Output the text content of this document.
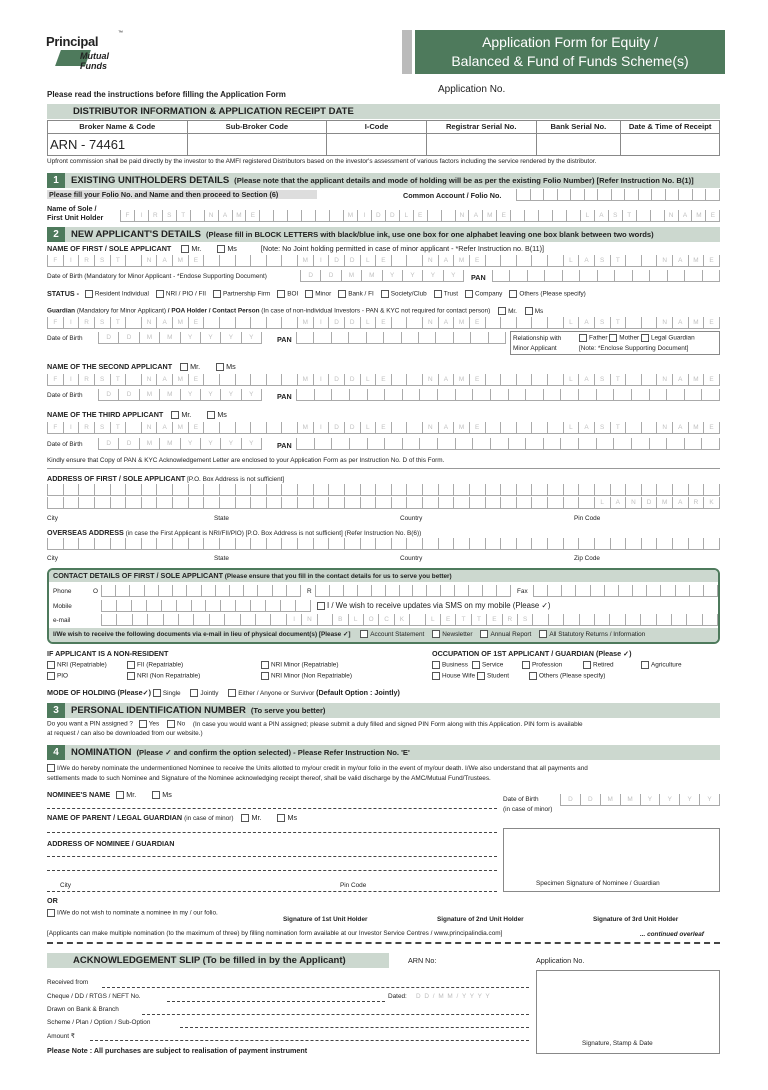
Principal
Mutual
Funds
™
Application Form for Equity /
Balanced & Fund of Funds Scheme(s)
Please read the instructions before filling the Application Form	Application No.
DISTRIBUTOR INFORMATION & APPLICATION RECEIPT DATE
Broker Name & Code	Sub-Broker Code	I-Code	Registrar Serial No.	Bank Serial No.	Date & Time of Receipt
ARN - 74461
Upfront commission shall be paid directly by the investor to the AMFI registered Distributors based on the investor's assessment of various factors including the service rendered by the distributor.
1	EXISTING UNITHOLDERS DETAILS (Please note that the applicant details and mode of holding will be as per the existing Folio Number) [Refer Instruction No. B(1)]
Please fill your Folio No. and Name and then proceed to Section (6)	Common Account / Folio No.
Name of Sole /
First Unit Holder	F	I	R	S	T	N	A	M	E	M	I	D	D	L	E	N	A	M	E	L	A	S	T	N	A	M	E
2	NEW APPLICANT'S DETAILS (Please fill in BLOCK LETTERS with black/blue ink, use one box for one alphabet leaving one box blank between two words)
NAME OF FIRST / SOLE APPLICANT	Mr.	Ms	[Note: No Joint holding permitted in case of minor applicant - *Refer Instruction no. B(11)]
F	I	R	S	T	N	A	M	E	M	I	D	D	L	E	N	A	M	E	L	A	S	T	N	A	M	E
Date of Birth (Mandatory for Minor Applicant - *Endose Supporting Document)	D	D	M	M	Y	Y	Y	Y	PAN
STATUS - Resident Individual	NRI / PIO / FII	Partnership Firm	BOI	Minor	Bank / FI	Society/Club	Trust	Company	Others (Please specify)
Guardian (Mandatory for Minor Applicant) / POA Holder / Contact Person (In case of non-individual Investors - PAN & KYC not required for contact person)	Mr.	Ms
F	I	R	S	T	N	A	M	E	M	I	D	D	L	E	N	A	M	E	L	A	S	T	N	A	M	E
Date of Birth	D	D	M	M	Y	Y	Y	Y	PAN	Relationship with
Minor Applicant
Father Mother Legal Guardian
[Note: *Enclose Supporting Document]
NAME OF THE SECOND APPLICANT	Mr.	Ms
F	I	R	S	T	N	A	M	E	M	I	D	D	L	E	N	A	M	E	L	A	S	T	N	A	M	E
Date of Birth	D	D	M	M	Y	Y	Y	Y	PAN
NAME OF THE THIRD APPLICANT	Mr.	Ms
F	I	R	S	T	N	A	M	E	M	I	D	D	L	E	N	A	M	E	L	A	S	T	N	A	M	E
Date of Birth	D	D	M	M	Y	Y	Y	Y	PAN
Kindly ensure that Copy of PAN & KYC Acknowledgement Letter are enclosed to your Application Form as per Instruction No. D of this Form.
ADDRESS OF FIRST / SOLE APPLICANT [P.O. Box Address is not sufficient]
L	A	N	D	M	A	R	K
City	State	Country	Pin Code
OVERSEAS ADDRESS (in case the First Applicant is NRI/FII/PIO) [P.O. Box Address is not sufficient] (Refer Instruction No. B(6))
City	State	Country	Zip Code
CONTACT DETAILS OF FIRST / SOLE APPLICANT (Please ensure that you fill in the contact details for us to serve you better)
Phone	O	R	Fax
Mobile	I / We wish to receive updates via SMS on my mobile (Please ✓)
e-mail	I	N	B	L	O	C	K	L	E	T	T	E	R	S
I/We wish to receive the following documents via e-mail in lieu of physical document(s) [Please ✓]	Account Statement	Newsletter	Annual Report	All Statutory Returns / Information
IF APPLICANT IS A NON-RESIDENT
NRI (Repatriable)	FII (Repatriable)	NRI Minor (Repatriable)
PIO	NRI (Non Repatriable)	NRI Minor (Non Repatriable)
OCCUPATION OF 1ST APPLICANT / GUARDIAN (Please ✓)
Business	Service	Profession	Retired	Agriculture
House Wife	Student	Others (Please specify)
MODE OF HOLDING (Please✓) Single	Jointly	Either / Anyone or Survivor (Default Option : Jointly)
3	PERSONAL IDENTIFICATION NUMBER (To serve you better)
Do you want a PIN assigned ? Yes	No (In case you would want a PIN assigned; please submit a duly filled and signed PIN Form along with this Application. PIN form is available
at request / can also be downloaded from our website.)
4	NOMINATION (Please ✓ and confirm the option selected) - Please Refer Instruction No. 'E'
I/We do hereby nominate the undermentioned Nominee to receive the Units allotted to my/our credit in my/our folio in the event of my/our death. I/We also understand that all payments and
settlements made to such Nominee and Signature of the Nominee acknowledging receipt thereof, shall be valid discharge by the AMC/Mutual Fund/Trustees.
NOMINEE'S NAME Mr.	Ms
Date of Birth
(in case of minor)
D	D	M	M	Y	Y	Y	Y
NAME OF PARENT / LEGAL GUARDIAN (in case of minor)	Mr.	Ms
ADDRESS OF NOMINEE / GUARDIAN
City	Pin Code	Specimen Signature of Nominee / Guardian
OR
I/We do not wish to nominate a nominee in my / our folio.
Signature of 1st Unit Holder	Signature of 2nd Unit Holder	Signature of 3rd Unit Holder
[Applicants can make multiple nomination (to the maximum of three) by filling nomination form available at our Investor Service Centres / www.principalindia.com]	... continued overleaf
ACKNOWLEDGEMENT SLIP (To be filled in by the Applicant)	ARN No:	Application No.
Received from
Cheque / DD / RTGS / NEFT No.	Dated: D D / M M / Y Y Y Y
Drawn on Bank & Branch
Scheme / Plan / Option / Sub-Option
Amount ₹
Please Note : All purchases are subject to realisation of payment instrument
Signature, Stamp & Date
